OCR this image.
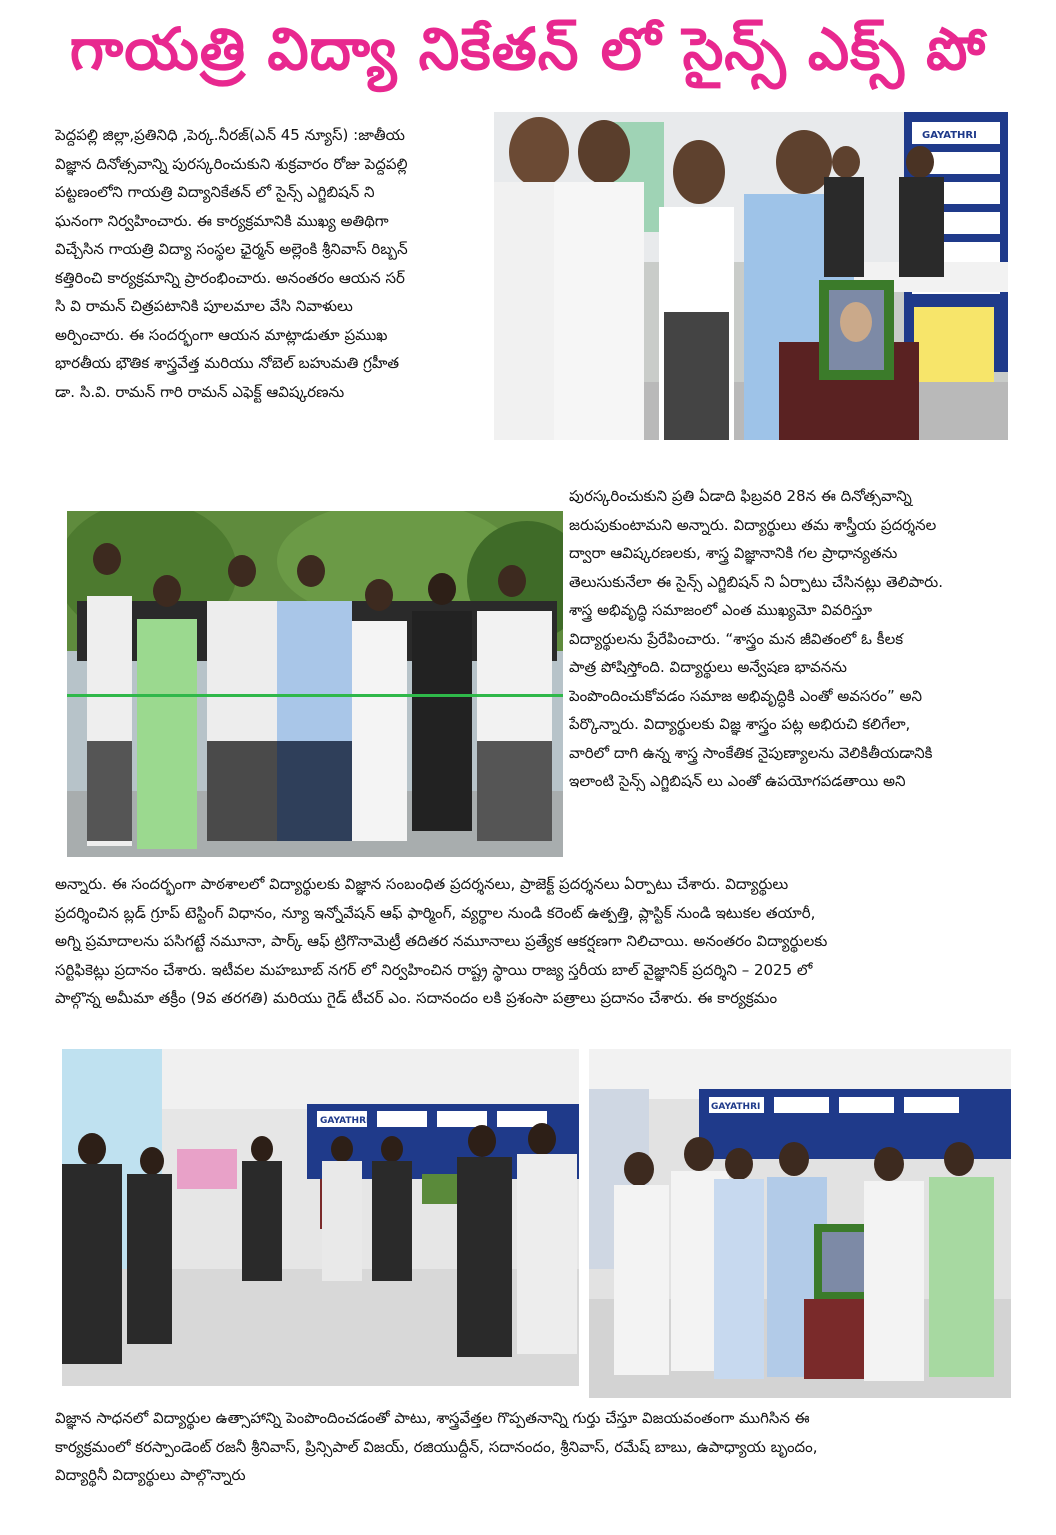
గాయత్రి విద్యా నికేతన్ లో సైన్స్ ఎక్స్ పో
పెద్దపల్లి జిల్లా,ప్రతినిధి ,పెర్క.నీరజ్(ఎన్ 45 న్యూస్) :జాతీయ
విజ్ఞాన దినోత్సవాన్ని పురస్కరించుకుని శుక్రవారం రోజు పెద్దపల్లి
పట్టణంలోని గాయత్రి విద్యానికేతన్ లో సైన్స్ ఎగ్జిబిషన్ ని
ఘనంగా నిర్వహించారు. ఈ కార్యక్రమానికి ముఖ్య అతిథిగా
విచ్చేసిన గాయత్రి విద్యా సంస్థల ఛైర్మన్ అల్లెంకి శ్రీనివాస్ రిబ్బన్
కత్తిరించి కార్యక్రమాన్ని ప్రారంభించారు. అనంతరం ఆయన సర్
సి వి రామన్ చిత్రపటానికి పూలమాల వేసి నివాళులు
అర్పించారు. ఈ సందర్భంగా ఆయన మాట్లాడుతూ ప్రముఖ
భారతీయ భౌతిక శాస్త్రవేత్త మరియు నోబెల్ బహుమతి గ్రహీత
డా. సి.వి. రామన్ గారి రామన్ ఎఫెక్ట్ ఆవిష్కరణను
GAYATHRI
పురస్కరించుకుని ప్రతి ఏడాది ఫిబ్రవరి 28న ఈ దినోత్సవాన్ని
జరుపుకుంటామని అన్నారు. విద్యార్థులు తమ శాస్త్రీయ ప్రదర్శనల
ద్వారా ఆవిష్కరణలకు, శాస్త్ర విజ్ఞానానికి గల ప్రాధాన్యతను
తెలుసుకునేలా ఈ సైన్స్ ఎగ్జిబిషన్ ని ఏర్పాటు చేసినట్లు తెలిపారు.
శాస్త్ర అభివృద్ధి సమాజంలో ఎంత ముఖ్యమో వివరిస్తూ
విద్యార్థులను ప్రేరేపించారు. “శాస్త్రం మన జీవితంలో ఓ కీలక
పాత్ర పోషిస్తోంది. విద్యార్థులు అన్వేషణ భావనను
పెంపొందించుకోవడం సమాజ అభివృద్ధికి ఎంతో అవసరం” అని
పేర్కొన్నారు. విద్యార్థులకు విజ్ఞ శాస్త్రం పట్ల అభిరుచి కలిగేలా,
వారిలో దాగి ఉన్న శాస్త్ర సాంకేతిక నైపుణ్యాలను వెలికితీయడానికి
ఇలాంటి సైన్స్ ఎగ్జిబిషన్ లు ఎంతో ఉపయోగపడతాయి అని
అన్నారు. ఈ సందర్భంగా పాఠశాలలో విద్యార్థులకు విజ్ఞాన సంబంధిత ప్రదర్శనలు, ప్రాజెక్ట్ ప్రదర్శనలు ఏర్పాటు చేశారు. విద్యార్థులు
ప్రదర్శించిన బ్లడ్ గ్రూప్ టెస్టింగ్ విధానం, న్యూ ఇన్నోవేషన్ ఆఫ్ ఫార్మింగ్, వ్యర్థాల నుండి కరెంట్ ఉత్పత్తి, ప్లాస్టిక్ నుండి ఇటుకల తయారీ,
అగ్ని ప్రమాదాలను పసిగట్టే నమూనా, పార్క్ ఆఫ్ ట్రిగొనామెట్రీ తదితర నమూనాలు ప్రత్యేక ఆకర్షణగా నిలిచాయి. అనంతరం విద్యార్థులకు
సర్టిఫికెట్లు ప్రదానం చేశారు. ఇటీవల మహబూబ్ నగర్ లో నిర్వహించిన రాష్ట్ర స్థాయి రాజ్య స్తరీయ బాల్ వైజ్ఞానిక్ ప్రదర్శిని – 2025 లో
పాల్గొన్న అమీమా తక్రీం (9వ తరగతి) మరియు గైడ్ టీచర్ ఎం. సదానందం లకి ప్రశంసా పత్రాలు ప్రదానం చేశారు. ఈ కార్యక్రమం
GAYATHRI
GAYATHRI
విజ్ఞాన సాధనలో విద్యార్థుల ఉత్సాహాన్ని పెంపొందించడంతో పాటు, శాస్త్రవేత్తల గొప్పతనాన్ని గుర్తు చేస్తూ విజయవంతంగా ముగిసిన ఈ
కార్యక్రమంలో కరస్పాండెంట్ రజనీ శ్రీనివాస్, ప్రిన్సిపాల్ విజయ్, రజియుద్దీన్, సదానందం, శ్రీనివాస్, రమేష్ బాబు, ఉపాధ్యాయ బృందం,
విద్యార్థినీ విద్యార్థులు పాల్గొన్నారు
